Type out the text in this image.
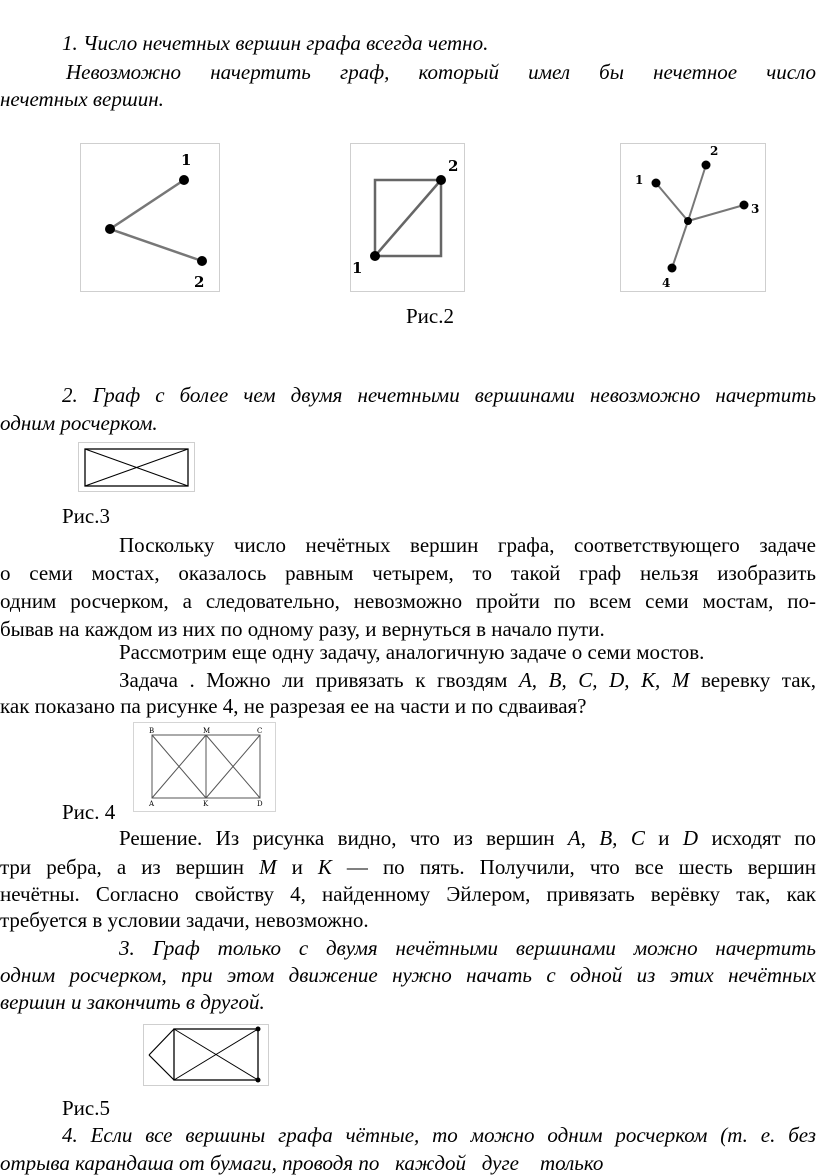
1. Число нечетных вершин графа всегда четно.
Невозможно начертить граф, который имел бы нечетное число
нечетных вершин.
1
2
2
1
1
2
3
4
Рис.2
2. Граф с более чем двумя нечетными вершинами невозможно начертить
одним росчерком.
Рис.3
Поскольку число нечётных вершин графа, соответствующего задаче
о семи мостах, оказалось равным четырем, то такой граф нельзя изобразить
одним росчерком, а следовательно, невозможно пройти по всем семи мостам, по-
бывав на каждом из них по одному разу, и вернуться в начало пути.
Рассмотрим еще одну задачу, аналогичную задаче о семи мостов.
Задача . Можно ли привязать к гвоздям А, В, С, D, К, М веревку так,
как показано па рисунке 4, не разрезая ее на части и по сдваивая?
B	M	C
A	K	D
Рис. 4
Решение. Из рисунка видно, что из вершин А, В, С и D исходят по
три ребра, а из вершин М и К — по пять. Получили, что все шесть вершин
нечётны. Согласно свойству 4, найденному Эйлером, привязать верёвку так, как
требуется в условии задачи, невозможно.
3. Граф только с двумя нечётными вершинами можно начертить
одним росчерком, при этом движение нужно начать с одной из этих нечётных
вершин и закончить в другой.
Рис.5
4. Если все вершины графа чётные, то можно одним росчерком (т. е. без
отрыва карандаша от бумаги, проводя по   каждой   дуге    только
